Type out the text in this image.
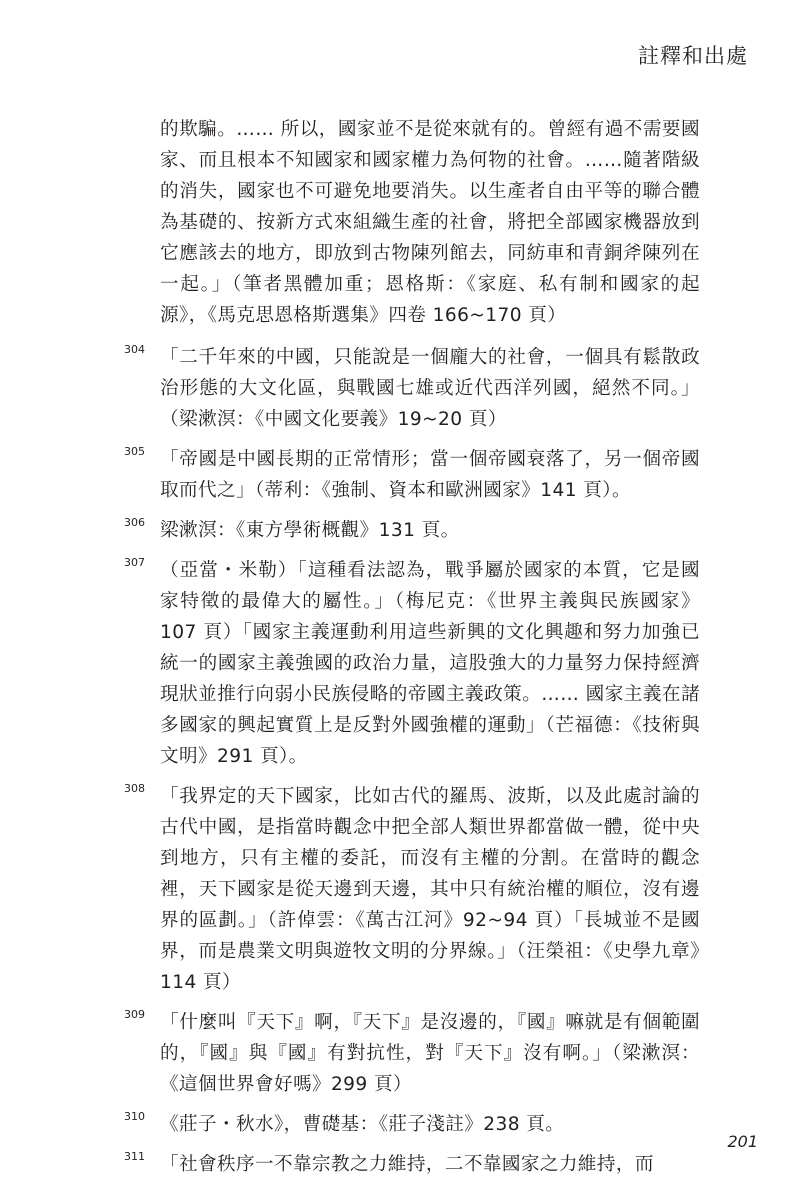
註釋和出處

的欺騙。…… 所以，國家並不是從來就有的。曾經有過不需要國家、而且根本不知國家和國家權力為何物的社會。……隨著階級的消失，國家也不可避免地要消失。以生產者自由平等的聯合體為基礎的、按新方式來組織生產的社會，將把全部國家機器放到它應該去的地方，即放到古物陳列館去，同紡車和青銅斧陳列在一起。」（筆者黑體加重；恩格斯：《家庭、私有制和國家的起源》，《馬克思恩格斯選集》四卷 166~170 頁）

304 「二千年來的中國，只能說是一個龐大的社會，一個具有鬆散政治形態的大文化區，與戰國七雄或近代西洋列國，絕然不同。」（梁漱溟：《中國文化要義》19~20 頁）

305 「帝國是中國長期的正常情形；當一個帝國衰落了，另一個帝國取而代之」（蒂利：《強制、資本和歐洲國家》141 頁）。

306 梁漱溟：《東方學術概觀》131 頁。

307 （亞當・米勒）「這種看法認為，戰爭屬於國家的本質，它是國家特徵的最偉大的屬性。」（梅尼克：《世界主義與民族國家》107 頁）「國家主義運動利用這些新興的文化興趣和努力加強已統一的國家主義強國的政治力量，這股強大的力量努力保持經濟現狀並推行向弱小民族侵略的帝國主義政策。…… 國家主義在諸多國家的興起實質上是反對外國強權的運動」（芒福德：《技術與文明》291 頁）。

308 「我界定的天下國家，比如古代的羅馬、波斯，以及此處討論的古代中國，是指當時觀念中把全部人類世界都當做一體，從中央到地方，只有主權的委託，而沒有主權的分割。在當時的觀念裡，天下國家是從天邊到天邊，其中只有統治權的順位，沒有邊界的區劃。」（許倬雲：《萬古江河》92~94 頁）「長城並不是國界，而是農業文明與遊牧文明的分界線。」（汪榮祖：《史學九章》114 頁）

309 「什麼叫『天下』啊，『天下』是沒邊的，『國』嘛就是有個範圍的，『國』與『國』有對抗性，對『天下』沒有啊。」（梁漱溟：《這個世界會好嗎》299 頁）

310 《莊子・秋水》，曹礎基：《莊子淺註》238 頁。

311 「社會秩序一不靠宗教之力維持，二不靠國家之力維持，而

201
